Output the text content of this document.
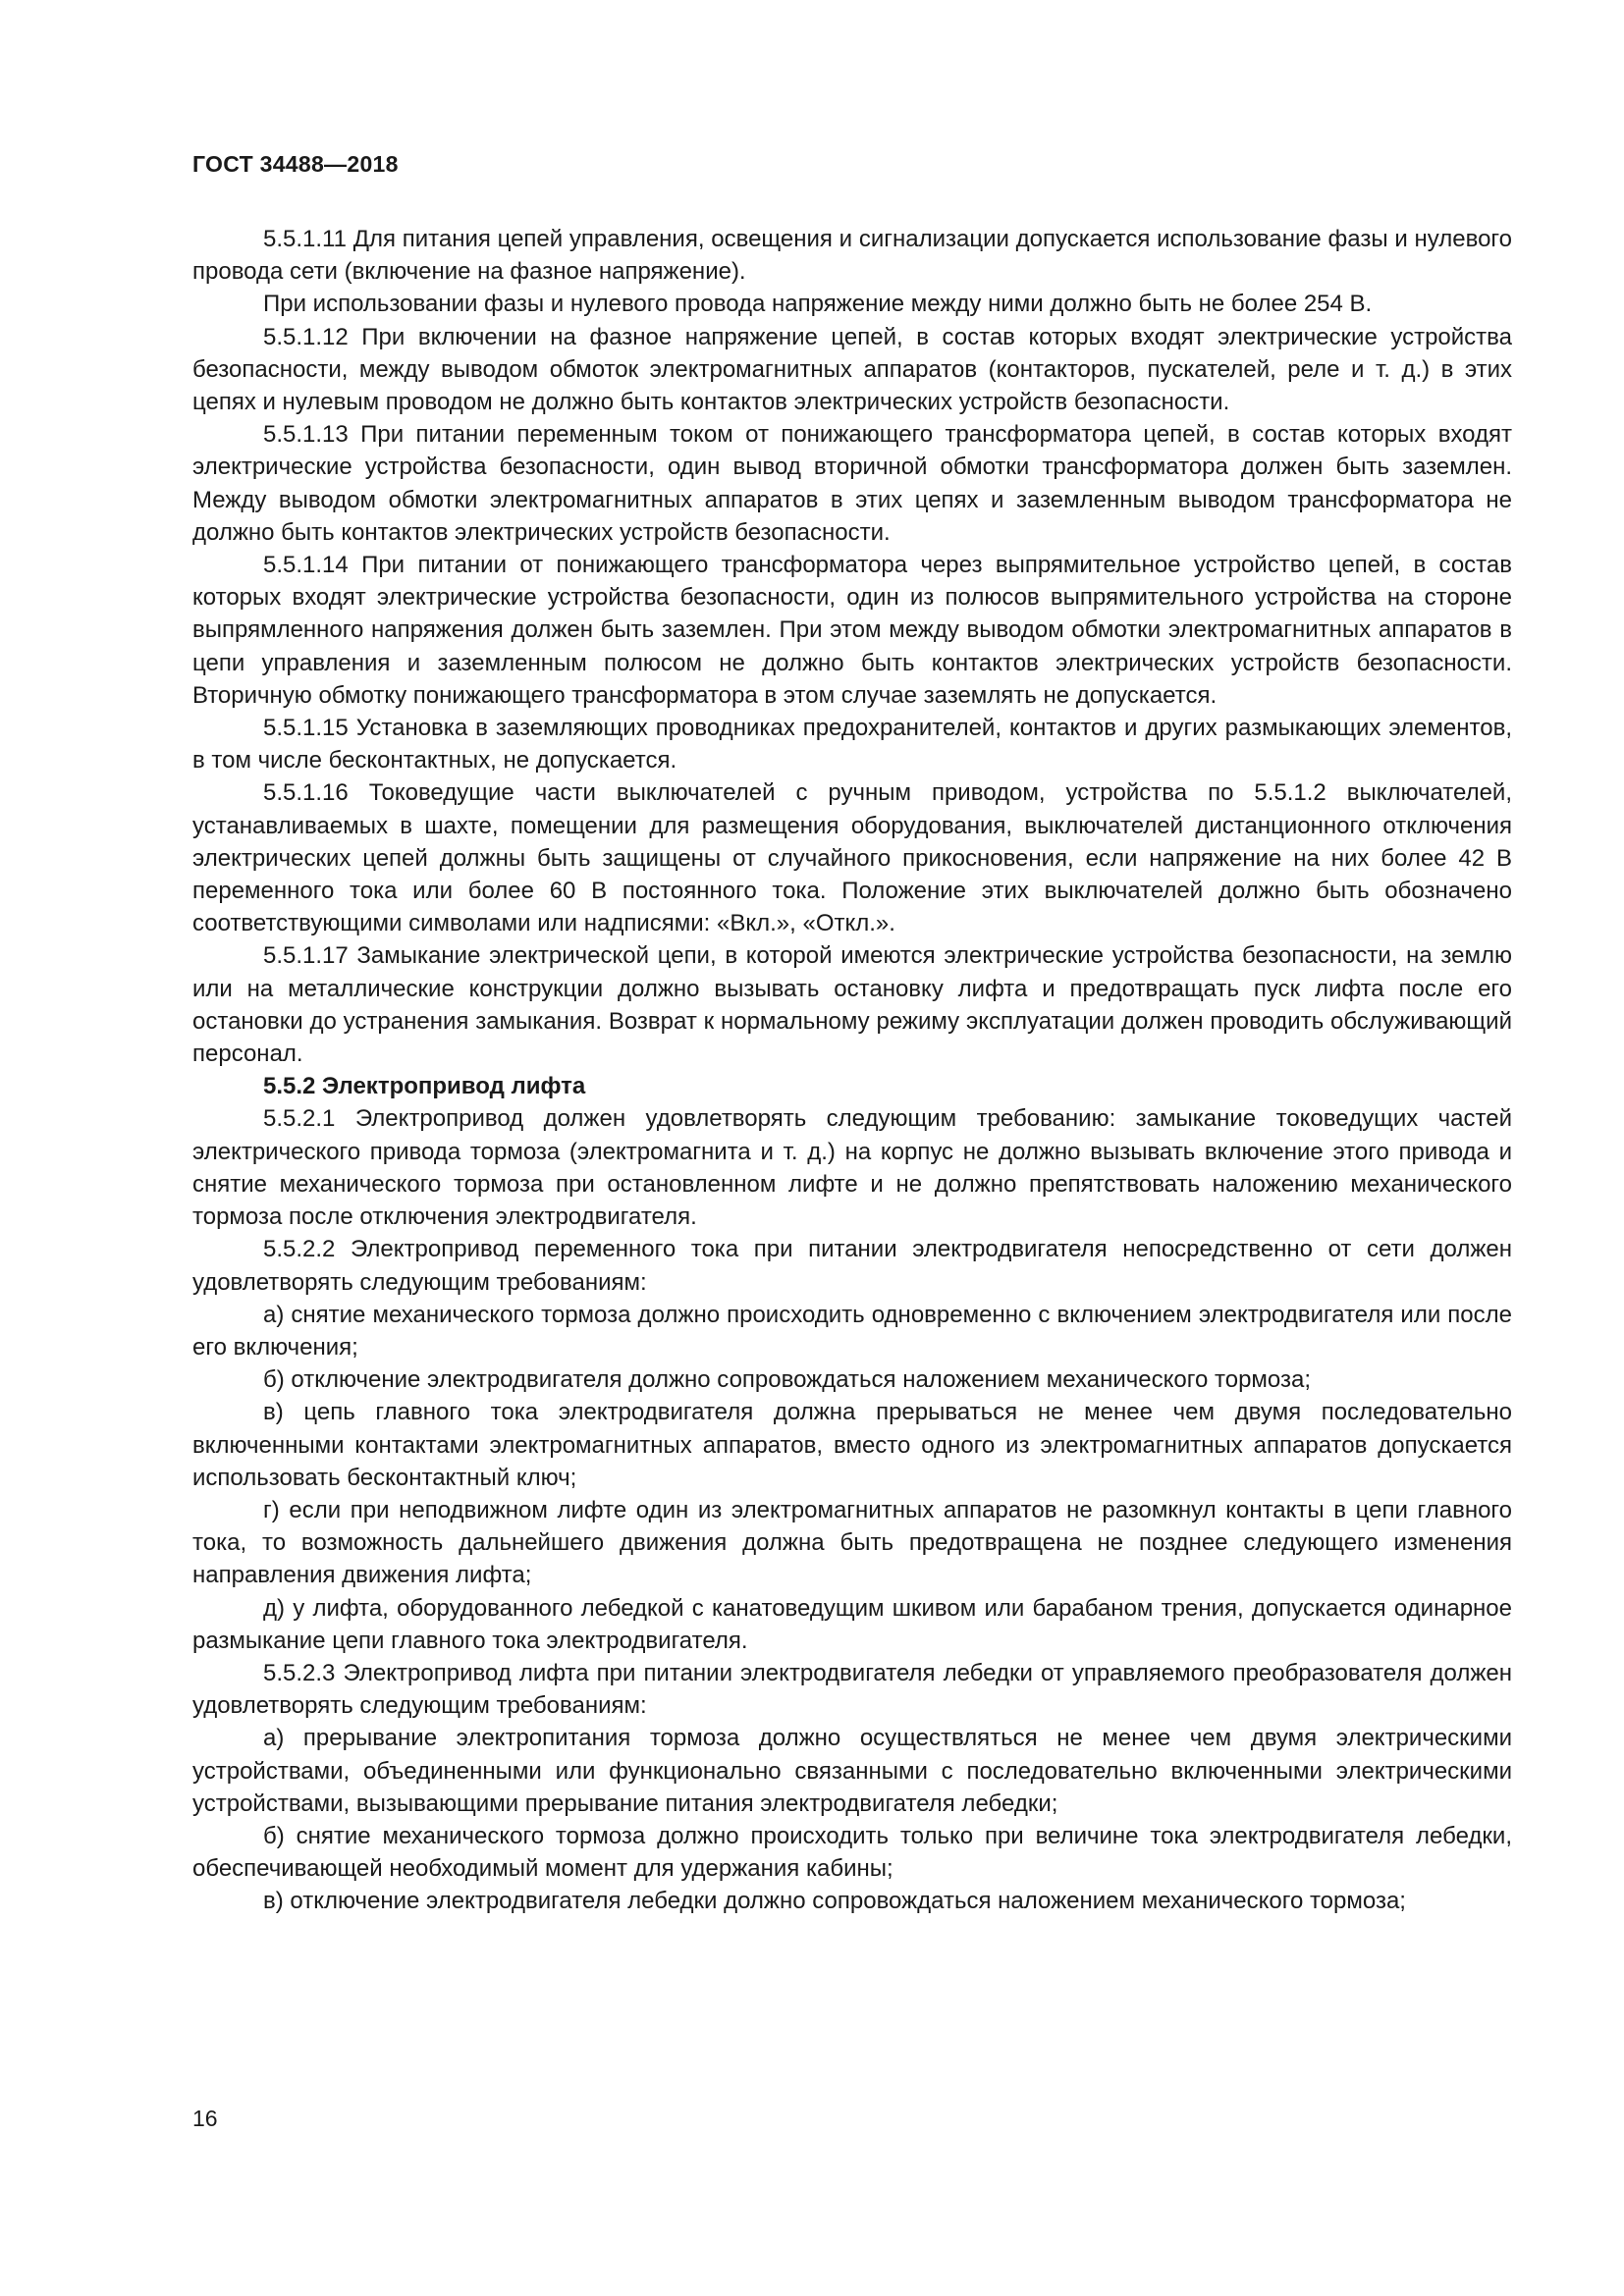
ГОСТ 34488—2018

5.5.1.11 Для питания цепей управления, освещения и сигнализации допускается использование фазы и нулевого провода сети (включение на фазное напряжение).

При использовании фазы и нулевого провода напряжение между ними должно быть не более 254 В.

5.5.1.12 При включении на фазное напряжение цепей, в состав которых входят электрические устройства безопасности, между выводом обмоток электромагнитных аппаратов (контакторов, пускателей, реле и т. д.) в этих цепях и нулевым проводом не должно быть контактов электрических устройств безопасности.

5.5.1.13 При питании переменным током от понижающего трансформатора цепей, в состав которых входят электрические устройства безопасности, один вывод вторичной обмотки трансформатора должен быть заземлен. Между выводом обмотки электромагнитных аппаратов в этих цепях и заземленным выводом трансформатора не должно быть контактов электрических устройств безопасности.

5.5.1.14 При питании от понижающего трансформатора через выпрямительное устройство цепей, в состав которых входят электрические устройства безопасности, один из полюсов выпрямительного устройства на стороне выпрямленного напряжения должен быть заземлен. При этом между выводом обмотки электромагнитных аппаратов в цепи управления и заземленным полюсом не должно быть контактов электрических устройств безопасности. Вторичную обмотку понижающего трансформатора в этом случае заземлять не допускается.

5.5.1.15 Установка в заземляющих проводниках предохранителей, контактов и других размыкающих элементов, в том числе бесконтактных, не допускается.

5.5.1.16 Токоведущие части выключателей с ручным приводом, устройства по 5.5.1.2 выключателей, устанавливаемых в шахте, помещении для размещения оборудования, выключателей дистанционного отключения электрических цепей должны быть защищены от случайного прикосновения, если напряжение на них более 42 В переменного тока или более 60 В постоянного тока. Положение этих выключателей должно быть обозначено соответствующими символами или надписями: «Вкл.», «Откл.».

5.5.1.17 Замыкание электрической цепи, в которой имеются электрические устройства безопасности, на землю или на металлические конструкции должно вызывать остановку лифта и предотвращать пуск лифта после его остановки до устранения замыкания. Возврат к нормальному режиму эксплуатации должен проводить обслуживающий персонал.

5.5.2 Электропривод лифта

5.5.2.1 Электропривод должен удовлетворять следующим требованию: замыкание токоведущих частей электрического привода тормоза (электромагнита и т. д.) на корпус не должно вызывать включение этого привода и снятие механического тормоза при остановленном лифте и не должно препятствовать наложению механического тормоза после отключения электродвигателя.

5.5.2.2 Электропривод переменного тока при питании электродвигателя непосредственно от сети должен удовлетворять следующим требованиям:

а) снятие механического тормоза должно происходить одновременно с включением электродвигателя или после его включения;

б) отключение электродвигателя должно сопровождаться наложением механического тормоза;

в) цепь главного тока электродвигателя должна прерываться не менее чем двумя последовательно включенными контактами электромагнитных аппаратов, вместо одного из электромагнитных аппаратов допускается использовать бесконтактный ключ;

г) если при неподвижном лифте один из электромагнитных аппаратов не разомкнул контакты в цепи главного тока, то возможность дальнейшего движения должна быть предотвращена не позднее следующего изменения направления движения лифта;

д) у лифта, оборудованного лебедкой с канатоведущим шкивом или барабаном трения, допускается одинарное размыкание цепи главного тока электродвигателя.

5.5.2.3 Электропривод лифта при питании электродвигателя лебедки от управляемого преобразователя должен удовлетворять следующим требованиям:

а) прерывание электропитания тормоза должно осуществляться не менее чем двумя электрическими устройствами, объединенными или функционально связанными с последовательно включенными электрическими устройствами, вызывающими прерывание питания электродвигателя лебедки;

б) снятие механического тормоза должно происходить только при величине тока электродвигателя лебедки, обеспечивающей необходимый момент для удержания кабины;

в) отключение электродвигателя лебедки должно сопровождаться наложением механического тормоза;

16
